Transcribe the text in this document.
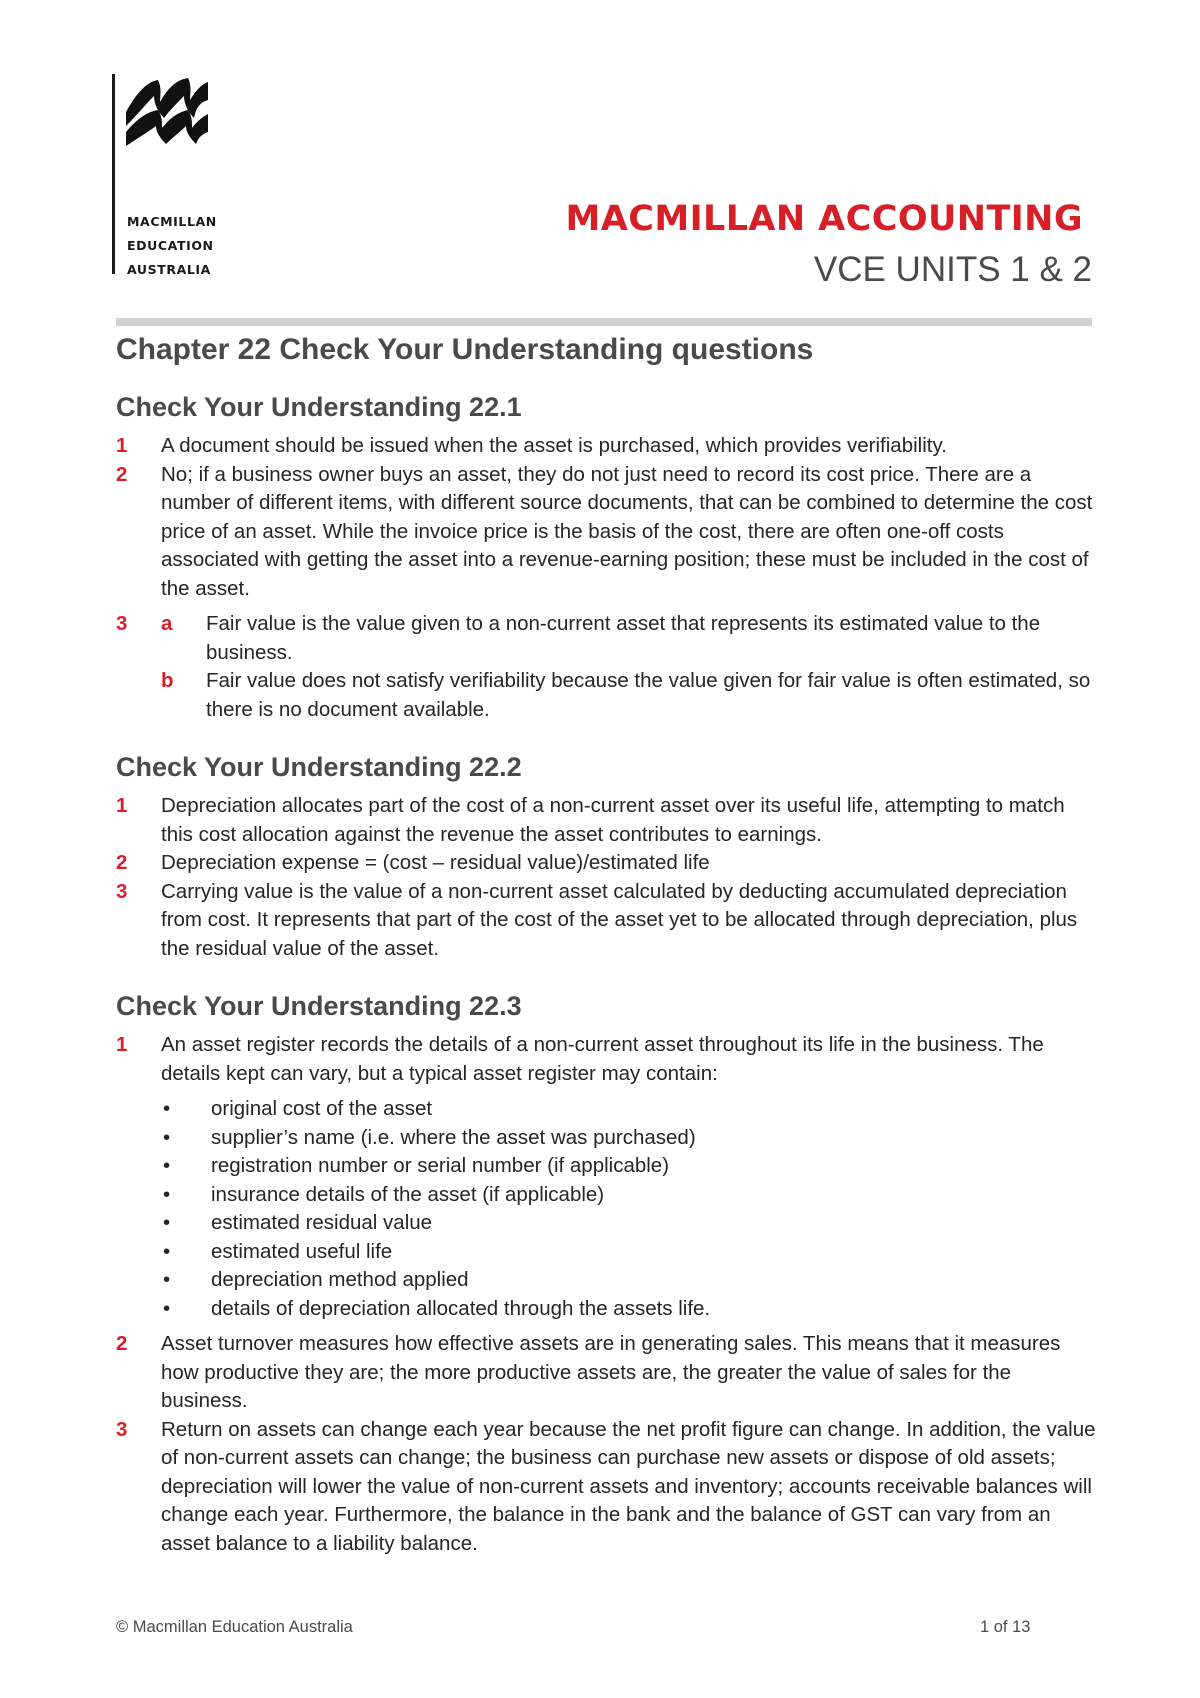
MACMILLAN
EDUCATION
AUSTRALIA
MACMILLAN ACCOUNTING
VCE UNITS 1 & 2
Chapter 22 Check Your Understanding questions
Check Your Understanding 22.1
1	A document should be issued when the asset is purchased, which provides verifiability.
2	No; if a business owner buys an asset, they do not just need to record its cost price. There are a number of different items, with different source documents, that can be combined to determine the cost price of an asset. While the invoice price is the basis of the cost, there are often one-off costs associated with getting the asset into a revenue-earning position; these must be included in the cost of the asset.
3	a	Fair value is the value given to a non-current asset that represents its estimated value to the business.
b	Fair value does not satisfy verifiability because the value given for fair value is often estimated, so there is no document available.
Check Your Understanding 22.2
1	Depreciation allocates part of the cost of a non-current asset over its useful life, attempting to match this cost allocation against the revenue the asset contributes to earnings.
2	Depreciation expense = (cost – residual value)/estimated life
3	Carrying value is the value of a non-current asset calculated by deducting accumulated depreciation from cost. It represents that part of the cost of the asset yet to be allocated through depreciation, plus the residual value of the asset.
Check Your Understanding 22.3
1	An asset register records the details of a non-current asset throughout its life in the business. The details kept can vary, but a typical asset register may contain:
•	original cost of the asset
•	supplier’s name (i.e. where the asset was purchased)
•	registration number or serial number (if applicable)
•	insurance details of the asset (if applicable)
•	estimated residual value
•	estimated useful life
•	depreciation method applied
•	details of depreciation allocated through the assets life.
2	Asset turnover measures how effective assets are in generating sales. This means that it measures how productive they are; the more productive assets are, the greater the value of sales for the business.
3	Return on assets can change each year because the net profit figure can change. In addition, the value of non-current assets can change; the business can purchase new assets or dispose of old assets; depreciation will lower the value of non-current assets and inventory; accounts receivable balances will change each year. Furthermore, the balance in the bank and the balance of GST can vary from an asset balance to a liability balance.
© Macmillan Education Australia	1 of 13
